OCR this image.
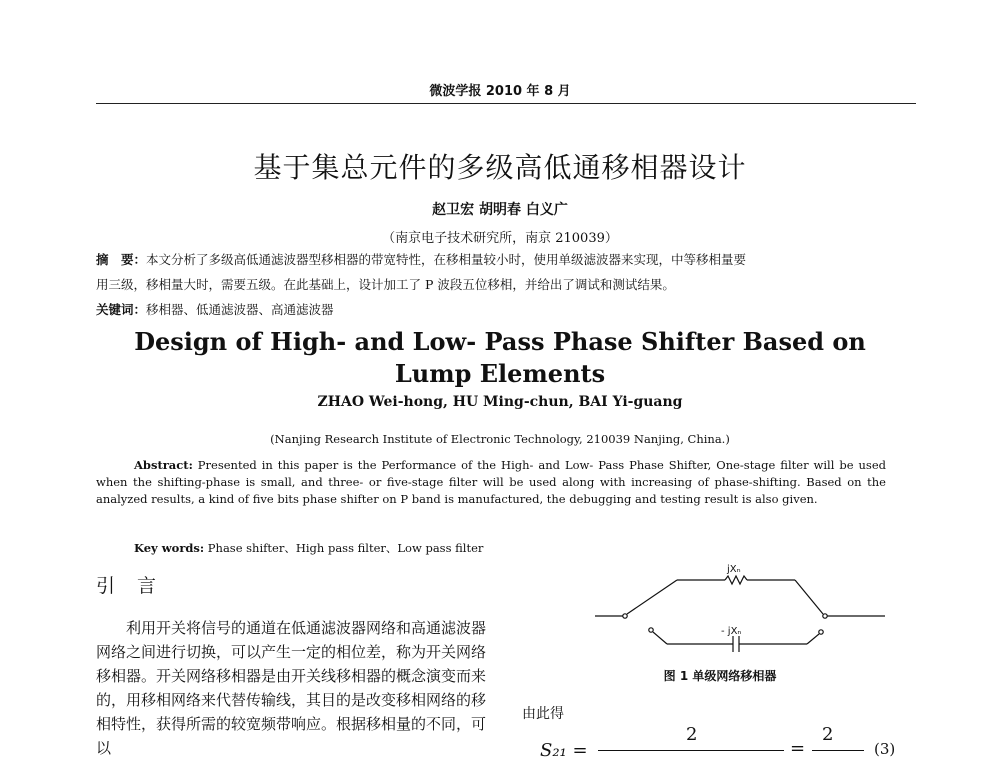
微波学报 2010 年 8 月
基于集总元件的多级高低通移相器设计
赵卫宏 胡明春 白义广
（南京电子技术研究所，南京 210039）
摘　要：本文分析了多级高低通滤波器型移相器的带宽特性，在移相量较小时，使用单级滤波器来实现，中等移相量要
用三级，移相量大时，需要五级。在此基础上，设计加工了 P 波段五位移相，并给出了调试和测试结果。
关键词：移相器、低通滤波器、高通滤波器
Design of High- and Low- Pass Phase Shifter Based on Lump Elements
ZHAO Wei-hong, HU Ming-chun, BAI Yi-guang
(Nanjing Research Institute of Electronic Technology, 210039 Nanjing, China.)
Abstract: Presented in this paper is the Performance of the High- and Low- Pass Phase Shifter, One-stage filter will be used when the shifting-phase is small, and three- or five-stage filter will be used along with increasing of phase-shifting. Based on the analyzed results, a kind of five bits phase shifter on P band is manufactured, the debugging and testing result is also given.
Key words: Phase shifter、High pass filter、Low pass filter
引 言
利用开关将信号的通道在低通滤波器网络和高通滤波器网络之间进行切换，可以产生一定的相位差，称为开关网络移相器。开关网络移相器是由开关线移相器的概念演变而来的，用移相网络来代替传输线，其目的是改变移相网络的移相特性，获得所需的较宽频带响应。根据移相量的不同，可以
jXₙ
- jXₙ
图 1 单级网络移相器
由此得
S₂₁ =
2
=
2
(3)
